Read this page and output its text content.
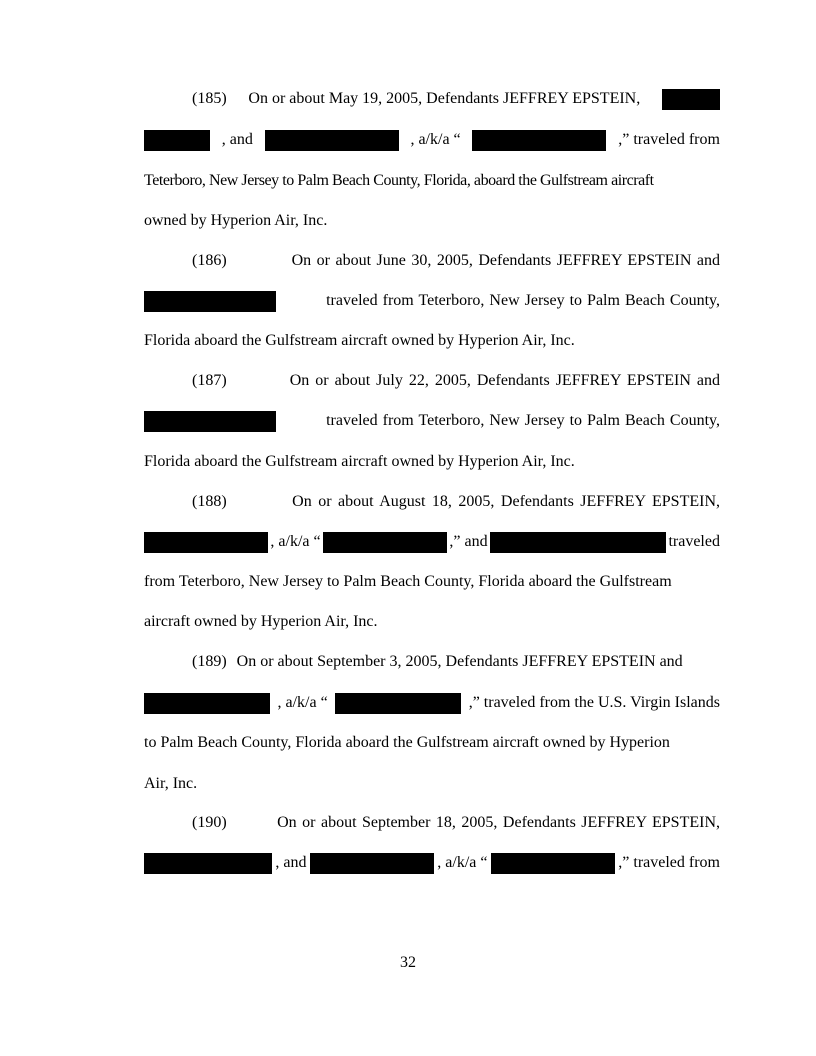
(185) On or about May 19, 2005, Defendants JEFFREY EPSTEIN,
, and	, a/k/a “	,” traveled from
Teterboro, New Jersey to Palm Beach County, Florida, aboard the Gulfstream aircraft
owned by Hyperion Air, Inc.
(186)	On or about June 30, 2005, Defendants JEFFREY EPSTEIN and
traveled from Teterboro, New Jersey to Palm Beach County,
Florida aboard the Gulfstream aircraft owned by Hyperion Air, Inc.
(187)	On or about July 22, 2005, Defendants JEFFREY EPSTEIN and
traveled from Teterboro, New Jersey to Palm Beach County,
Florida aboard the Gulfstream aircraft owned by Hyperion Air, Inc.
(188)	On or about August 18, 2005, Defendants JEFFREY EPSTEIN,
, a/k/a “	,” and	traveled
from Teterboro, New Jersey to Palm Beach County, Florida aboard the Gulfstream
aircraft owned by Hyperion Air, Inc.
(189) On or about September 3, 2005, Defendants JEFFREY EPSTEIN and
, a/k/a “	,” traveled from the U.S. Virgin Islands
to Palm Beach County, Florida aboard the Gulfstream aircraft owned by Hyperion
Air, Inc.
(190)	On or about September 18, 2005, Defendants JEFFREY EPSTEIN,
, and	, a/k/a “	,” traveled from
32
